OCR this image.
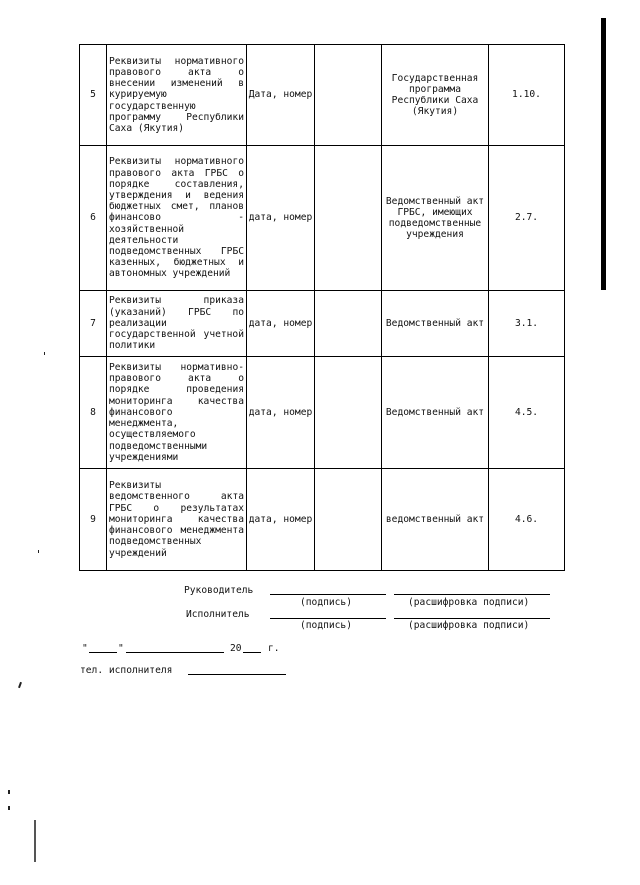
5	Реквизиты нормативного правового акта о внесении изменений в курируемую государственную программу Республики Саха (Якутия)	Дата, номер		Государственная программа Республики Саха (Якутия)	1.10.
6	Реквизиты нормативного правового акта ГРБС о порядке составления, утверждения и ведения бюджетных смет, планов финансово - хозяйственной деятельности подведомственных ГРБС казенных, бюджетных и автономных учреждений	дата, номер		Ведомственный акт ГРБС, имеющих подведомственные учреждения	2.7.
7	Реквизиты приказа (указаний) ГРБС по реализации государственной учетной политики	дата, номер		Ведомственный акт	3.1.
8	Реквизиты нормативно-правового акта о порядке проведения мониторинга качества финансового менеджмента, осуществляемого подведомственными учреждениями	дата, номер		Ведомственный акт	4.5.
9	Реквизиты ведомственного акта ГРБС о результатах мониторинга качества финансового менеджмента подведомственных учреждений	дата, номер		ведомственный акт	4.6.
Руководитель
(подпись)	(расшифровка подписи)
Исполнитель
(подпись)	(расшифровка подписи)
"	"	20	г.
тел. исполнителя
